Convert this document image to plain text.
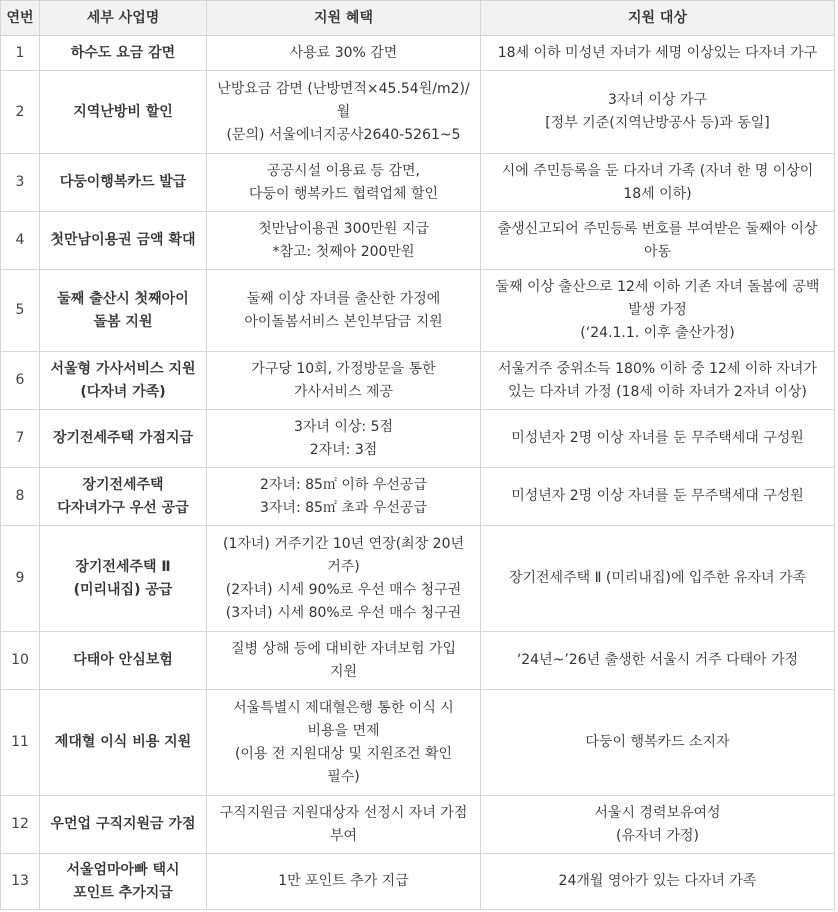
연번	세부 사업명	지원 혜택	지원 대상
1	하수도 요금 감면	사용료 30% 감면	18세 이하 미성년 자녀가 세명 이상있는 다자녀 가구

2	지역난방비 할인	난방요금 감면 (난방면적×45.54원/m2)/
월
(문의) 서울에너지공사2640-5261~5	3자녀 이상 가구
[정부 기준(지역난방공사 등)과 동일]

3	다둥이행복카드 발급	공공시설 이용료 등 감면,
다둥이 행복카드 협력업체 할인	시에 주민등록을 둔 다자녀 가족 (자녀 한 명 이상이
18세 이하)

4	첫만남이용권 금액 확대	첫만남이용권 300만원 지급
*참고: 첫째아 200만원	출생신고되어 주민등록 번호를 부여받은 둘째아 이상
아동

5	둘째 출산시 첫째아이
돌봄 지원	둘째 이상 자녀를 출산한 가정에
아이돌봄서비스 본인부담금 지원	둘째 이상 출산으로 12세 이하 기존 자녀 돌봄에 공백
발생 가정
(‘24.1.1. 이후 출산가정)

6	서울형 가사서비스 지원
(다자녀 가족)	가구당 10회, 가정방문을 통한
가사서비스 제공	서울거주 중위소득 180% 이하 중 12세 이하 자녀가
있는 다자녀 가정 (18세 이하 자녀가 2자녀 이상)

7	장기전세주택 가점지급	3자녀 이상: 5점
2자녀: 3점	미성년자 2명 이상 자녀를 둔 무주택세대 구성원

8	장기전세주택
다자녀가구 우선 공급	2자녀: 85㎡ 이하 우선공급
3자녀: 85㎡ 초과 우선공급	미성년자 2명 이상 자녀를 둔 무주택세대 구성원

9	장기전세주택 Ⅱ
(미리내집) 공급	(1자녀) 거주기간 10년 연장(최장 20년
거주)
(2자녀) 시세 90%로 우선 매수 청구권
(3자녀) 시세 80%로 우선 매수 청구권	장기전세주택 Ⅱ (미리내집)에 입주한 유자녀 가족

10	다태아 안심보험	질병 상해 등에 대비한 자녀보험 가입
지원	‘24년~’26년 출생한 서울시 거주 다태아 가정

11	제대혈 이식 비용 지원	서울특별시 제대혈은행 통한 이식 시
비용을 면제
(이용 전 지원대상 및 지원조건 확인
필수)	다둥이 행복카드 소지자

12	우먼업 구직지원금 가점	구직지원금 지원대상자 선정시 자녀 가점
부여	서울시 경력보유여성
(유자녀 가정)

13	서울엄마아빠 택시
포인트 추가지급	1만 포인트 추가 지급	24개월 영아가 있는 다자녀 가족
